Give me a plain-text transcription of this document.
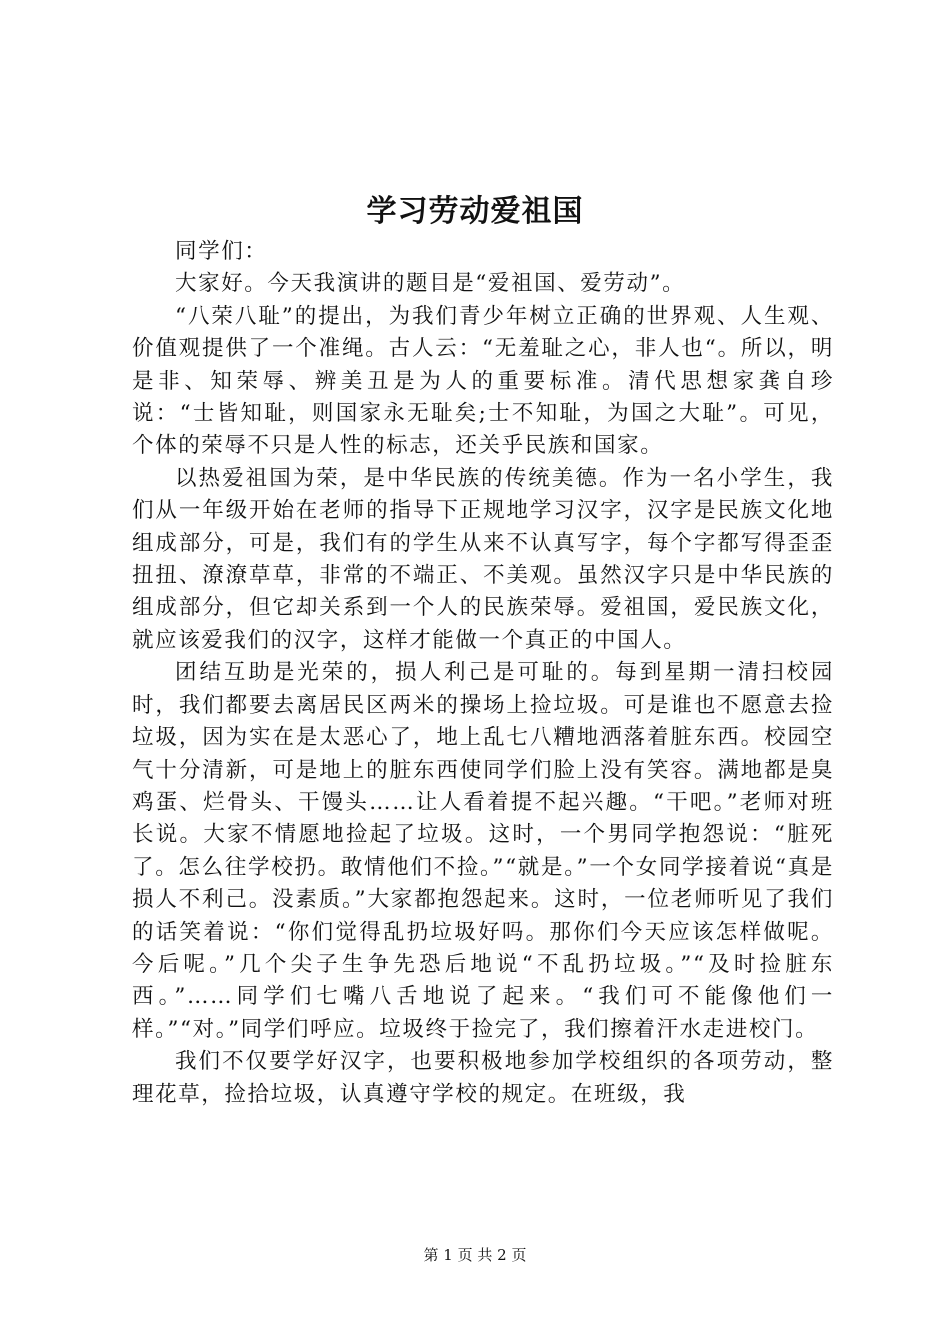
学习劳动爱祖国

同学们：

大家好。今天我演讲的题目是“爱祖国、爱劳动”。

“八荣八耻”的提出，为我们青少年树立正确的世界观、人生观、价值观提供了一个准绳。古人云：“无羞耻之心，非人也“。所以，明是非、知荣辱、辨美丑是为人的重要标准。清代思想家龚自珍说：“士皆知耻，则国家永无耻矣;士不知耻，为国之大耻”。可见，个体的荣辱不只是人性的标志，还关乎民族和国家。

以热爱祖国为荣，是中华民族的传统美德。作为一名小学生，我们从一年级开始在老师的指导下正规地学习汉字，汉字是民族文化地组成部分，可是，我们有的学生从来不认真写字，每个字都写得歪歪扭扭、潦潦草草，非常的不端正、不美观。虽然汉字只是中华民族的组成部分，但它却关系到一个人的民族荣辱。爱祖国，爱民族文化，就应该爱我们的汉字，这样才能做一个真正的中国人。

团结互助是光荣的，损人利己是可耻的。每到星期一清扫校园时，我们都要去离居民区两米的操场上捡垃圾。可是谁也不愿意去捡垃圾，因为实在是太恶心了，地上乱七八糟地洒落着脏东西。校园空气十分清新，可是地上的脏东西使同学们脸上没有笑容。满地都是臭鸡蛋、烂骨头、干馒头……让人看着提不起兴趣。“干吧。”老师对班长说。大家不情愿地捡起了垃圾。这时，一个男同学抱怨说：“脏死了。怎么往学校扔。敢情他们不捡。”“就是。”一个女同学接着说“真是损人不利己。没素质。”大家都抱怨起来。这时，一位老师听见了我们的话笑着说：“你们觉得乱扔垃圾好吗。那你们今天应该怎样做呢。今后呢。”几个尖子生争先恐后地说“不乱扔垃圾。”“及时捡脏东西。”……同学们七嘴八舌地说了起来。“我们可不能像他们一样。”“对。”同学们呼应。垃圾终于捡完了，我们擦着汗水走进校门。

我们不仅要学好汉字，也要积极地参加学校组织的各项劳动，整理花草，捡拾垃圾，认真遵守学校的规定。在班级，我

第 1 页 共 2 页
